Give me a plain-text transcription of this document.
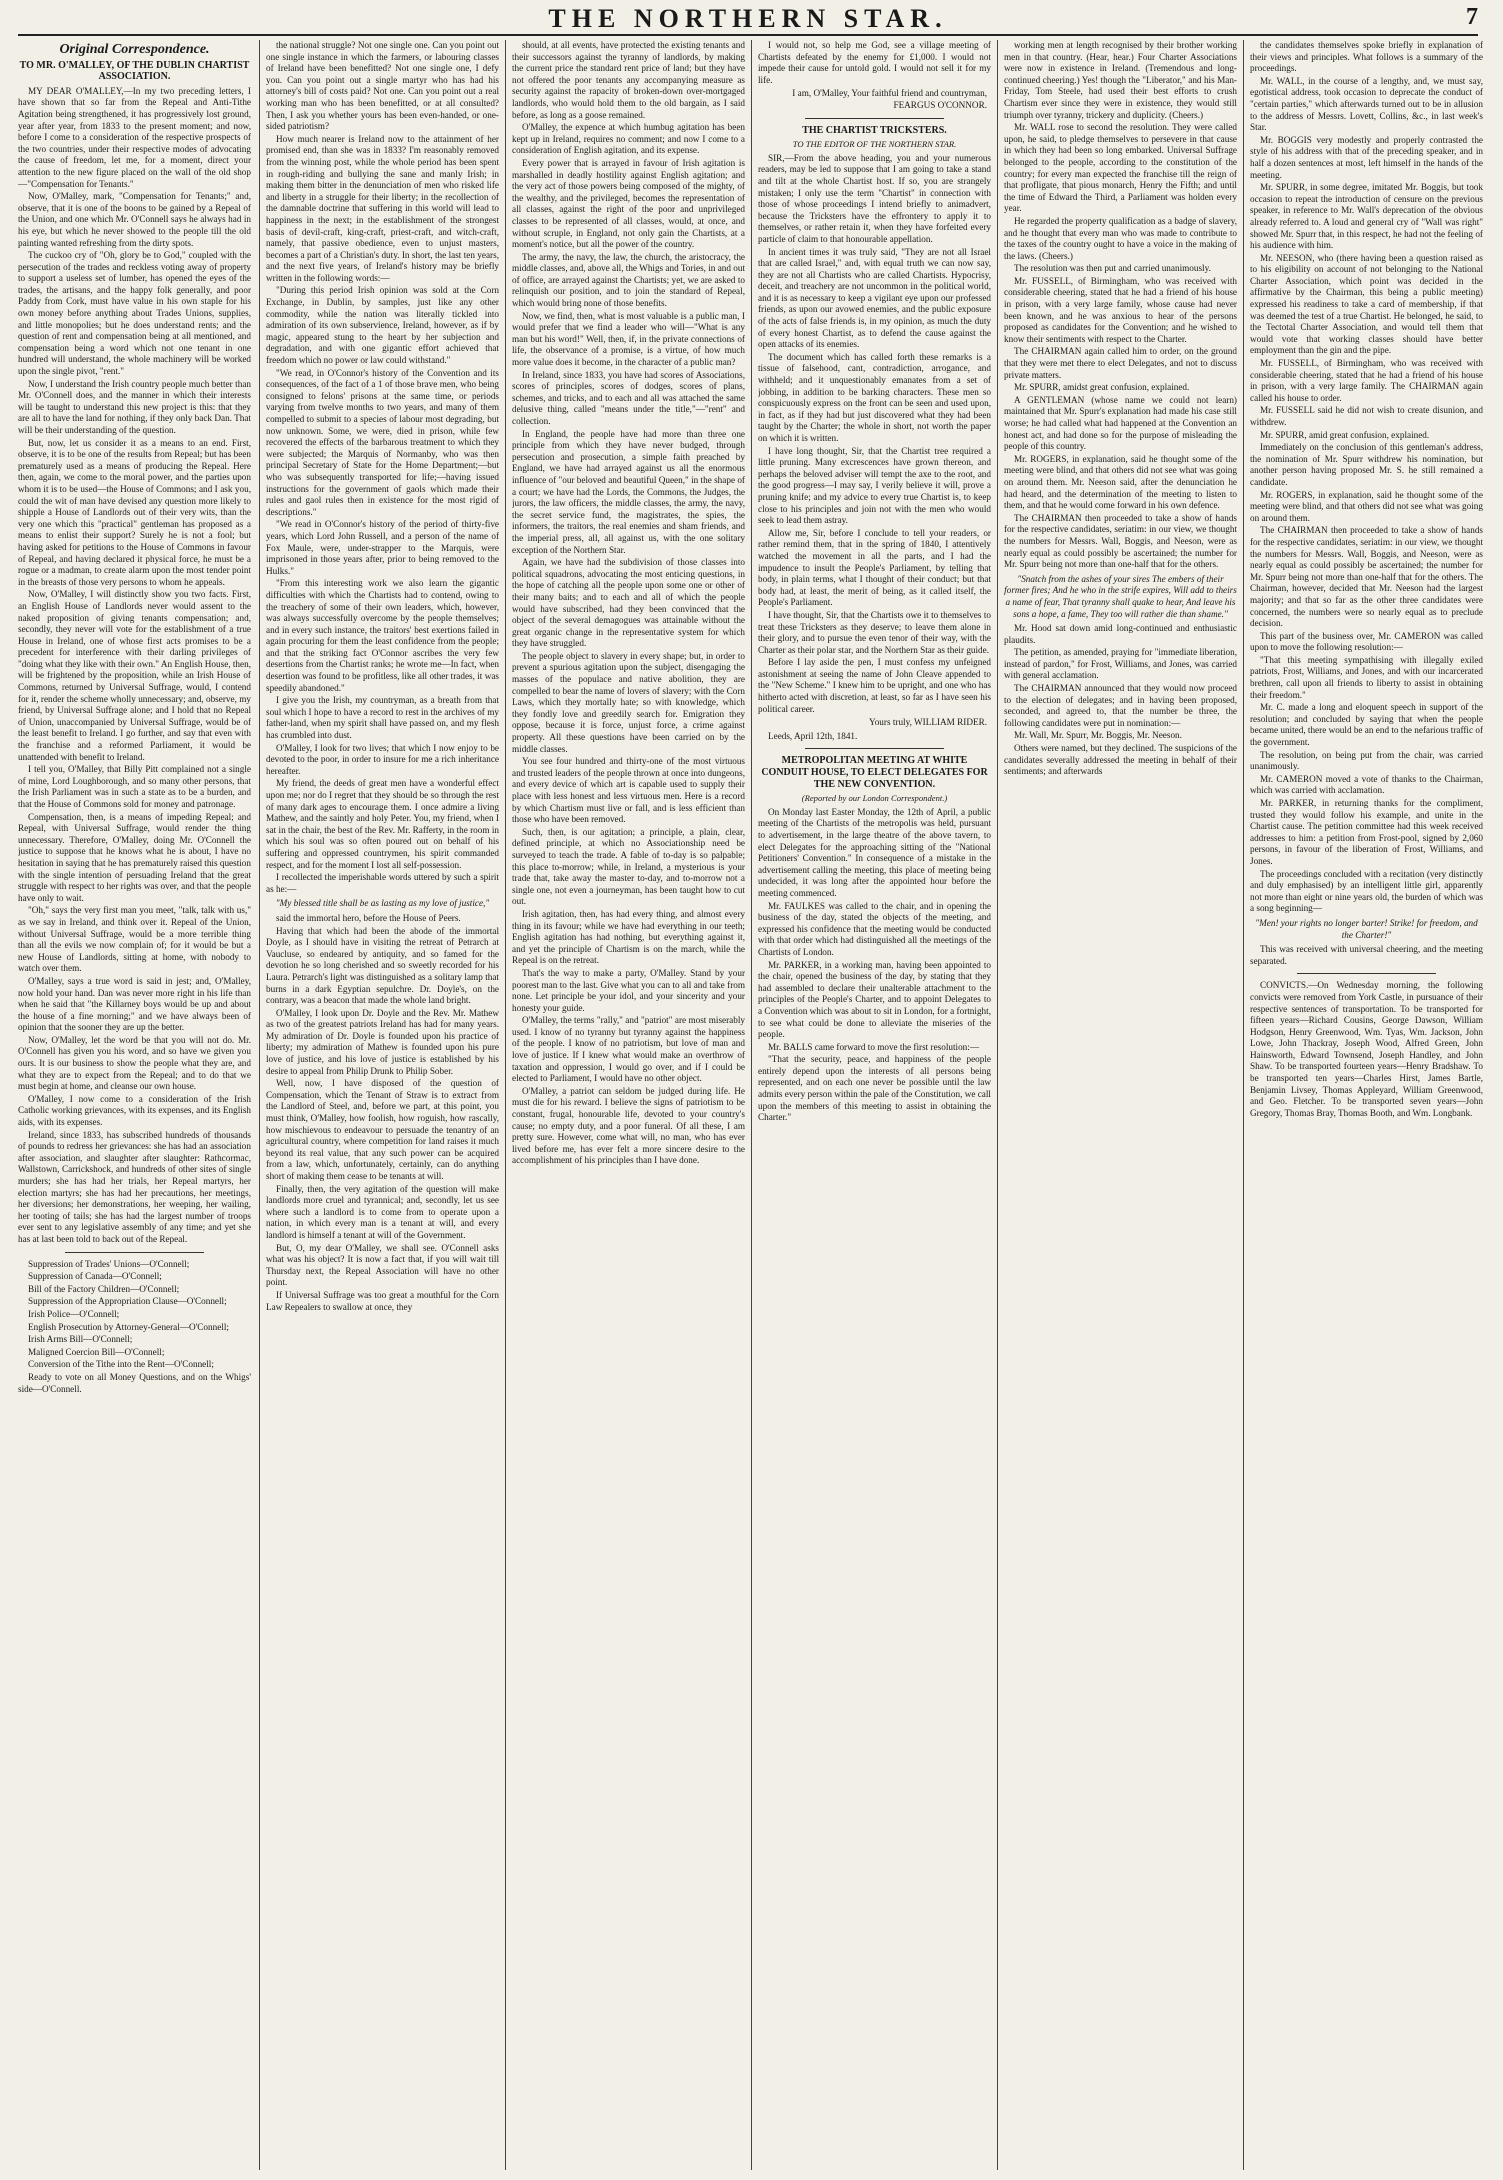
THE NORTHERN STAR.	7

Original Correspondence.

TO MR. O'MALLEY, OF THE DUBLIN CHARTIST ASSOCIATION.

MY DEAR O'MALLEY,—In my two preceding letters, I have shown that so far from the Repeal and Anti-Tithe Agitation being strengthened, it has progressively lost ground, year after year, from 1833 to the present moment; and now, before I come to a consideration of the respective prospects of the two countries, under their respective modes of advocating the cause of freedom, let me, for a moment, direct your attention to the new figure placed on the wall of the old shop—"Compensation for Tenants."

Now, O'Malley, mark, "Compensation for Tenants;" and, observe, that it is one of the boons to be gained by a Repeal of the Union, and one which Mr. O'Connell says he always had in his eye, but which he never showed to the people till the old painting wanted refreshing from the dirty spots.

The cuckoo cry of "Oh, glory be to God," coupled with the persecution of the trades and reckless voting away of property to support a useless set of lumber, has opened the eyes of the trades, the artisans, and the happy folk generally, and poor Paddy from Cork, must have value in his own staple for his own money before anything about Trades Unions, supplies, and little monopolies; but he does understand rents; and the question of rent and compensation being at all mentioned, and compensation being a word which not one tenant in one hundred will understand, the whole machinery will be worked upon the single pivot, "rent."

Now, I understand the Irish country people much better than Mr. O'Connell does, and the manner in which their interests will be taught to understand this new project is this: that they are all to have the land for nothing, if they only back Dan. That will be their understanding of the question.

But, now, let us consider it as a means to an end. First, observe, it is to be one of the results from Repeal; but has been prematurely used as a means of producing the Repeal. Here then, again, we come to the moral power, and the parties upon whom it is to be used—the House of Commons; and I ask you, could the wit of man have devised any question more likely to shipple a House of Landlords out of their very wits, than the very one which this "practical" gentleman has proposed as a means to enlist their support? Surely he is not a fool; but having asked for petitions to the House of Commons in favour of Repeal, and having declared it physical force, he must be a rogue or a madman, to create alarm upon the most tender point in the breasts of those very persons to whom he appeals.

Now, O'Malley, I will distinctly show you two facts. First, an English House of Landlords never would assent to the naked proposition of giving tenants compensation; and, secondly, they never will vote for the establishment of a true House in Ireland, one of whose first acts promises to be a precedent for interference with their darling privileges of "doing what they like with their own." An English House, then, will be frightened by the proposition, while an Irish House of Commons, returned by Universal Suffrage, would, I contend for it, render the scheme wholly unnecessary; and, observe, my friend, by Universal Suffrage alone; and I hold that no Repeal of Union, unaccompanied by Universal Suffrage, would be of the least benefit to Ireland. I go further, and say that even with the franchise and a reformed Parliament, it would be unattended with benefit to Ireland.

I tell you, O'Malley, that Billy Pitt complained not a single of mine, Lord Loughborough, and so many other persons, that the Irish Parliament was in such a state as to be a burden, and that the House of Commons sold for money and patronage.

Compensation, then, is a means of impeding Repeal; and Repeal, with Universal Suffrage, would render the thing unnecessary. Therefore, O'Malley, doing Mr. O'Connell the justice to suppose that he knows what he is about, I have no hesitation in saying that he has prematurely raised this question with the single intention of persuading Ireland that the great struggle with respect to her rights was over, and that the people have only to wait.

"Oh," says the very first man you meet, "talk, talk with us," as we say in Ireland, and think over it. Repeal of the Union, without Universal Suffrage, would be a more terrible thing than all the evils we now complain of; for it would be but a new House of Landlords, sitting at home, with nobody to watch over them.

O'Malley, says a true word is said in jest; and, O'Malley, now hold your hand. Dan was never more right in his life than when he said that "the Killarney boys would be up and about the house of a fine morning;" and we have always been of opinion that the sooner they are up the better.

Now, O'Malley, let the word be that you will not do. Mr. O'Connell has given you his word, and so have we given you ours. It is our business to show the people what they are, and what they are to expect from the Repeal; and to do that we must begin at home, and cleanse our own house.

O'Malley, I now come to a consideration of the Irish Catholic working grievances, with its expenses, and its English aids, with its expenses.

Ireland, since 1833, has subscribed hundreds of thousands of pounds to redress her grievances: she has had an association after association, and slaughter after slaughter: Rathcormac, Wallstown, Carrickshock, and hundreds of other sites of single murders; she has had her trials, her Repeal martyrs, her election martyrs; she has had her precautions, her meetings, her diversions; her demonstrations, her weeping, her wailing, her tooting of tails; she has had the largest number of troops ever sent to any legislative assembly of any time; and yet she has at last been told to back out of the Repeal.

Suppression of Trades' Unions—O'Connell;

Suppression of Canada—O'Connell;

Bill of the Factory Children—O'Connell;

Suppression of the Appropriation Clause—O'Connell;

Irish Police—O'Connell;

English Prosecution by Attorney-General—O'Connell;

Irish Arms Bill—O'Connell;

Maligned Coercion Bill—O'Connell;

Conversion of the Tithe into the Rent—O'Connell;

Ready to vote on all Money Questions, and on the Whigs' side—O'Connell.

the national struggle? Not one single one. Can you point out one single instance in which the farmers, or labouring classes of Ireland have been benefitted? Not one single one, I defy you. Can you point out a single martyr who has had his attorney's bill of costs paid? Not one. Can you point out a real working man who has been benefitted, or at all consulted? Then, I ask you whether yours has been even-handed, or one-sided patriotism?

How much nearer is Ireland now to the attainment of her promised end, than she was in 1833? I'm reasonably removed from the winning post, while the whole period has been spent in rough-riding and bullying the sane and manly Irish; in making them bitter in the denunciation of men who risked life and liberty in a struggle for their liberty; in the recollection of the damnable doctrine that suffering in this world will lead to happiness in the next; in the establishment of the strongest basis of devil-craft, king-craft, priest-craft, and witch-craft, namely, that passive obedience, even to unjust masters, becomes a part of a Christian's duty. In short, the last ten years, and the next five years, of Ireland's history may be briefly written in the following words:—

"During this period Irish opinion was sold at the Corn Exchange, in Dublin, by samples, just like any other commodity, while the nation was literally tickled into admiration of its own subservience, Ireland, however, as if by magic, appeared stung to the heart by her subjection and degradation, and with one gigantic effort achieved that freedom which no power or law could withstand."

"We read, in O'Connor's history of the Convention and its consequences, of the fact of a 1 of those brave men, who being consigned to felons' prisons at the same time, or periods varying from twelve months to two years, and many of them compelled to submit to a species of labour most degrading, but now unknown. Some, we were, died in prison, while few recovered the effects of the barbarous treatment to which they were subjected; the Marquis of Normanby, who was then principal Secretary of State for the Home Department;—but who was subsequently transported for life;—having issued instructions for the government of gaols which made their rules and gaol rules then in existence for the most rigid of descriptions."

"We read in O'Connor's history of the period of thirty-five years, which Lord John Russell, and a person of the name of Fox Maule, were, under-strapper to the Marquis, were imprisoned in those years after, prior to being removed to the Hulks."

"From this interesting work we also learn the gigantic difficulties with which the Chartists had to contend, owing to the treachery of some of their own leaders, which, however, was always successfully overcome by the people themselves; and in every such instance, the traitors' best exertions failed in again procuring for them the least confidence from the people; and that the striking fact O'Connor ascribes the very few desertions from the Chartist ranks; he wrote me—In fact, when desertion was found to be profitless, like all other trades, it was speedily abandoned."

I give you the Irish, my countryman, as a breath from that soul which I hope to have a record to rest in the archives of my father-land, when my spirit shall have passed on, and my flesh has crumbled into dust.

O'Malley, I look for two lives; that which I now enjoy to be devoted to the poor, in order to insure for me a rich inheritance hereafter.

My friend, the deeds of great men have a wonderful effect upon me; nor do I regret that they should be so through the rest of many dark ages to encourage them. I once admire a living Mathew, and the saintly and holy Peter. You, my friend, when I sat in the chair, the best of the Rev. Mr. Rafferty, in the room in which his soul was so often poured out on behalf of his suffering and oppressed countrymen, his spirit commanded respect, and for the moment I lost all self-possession.

I recollected the imperishable words uttered by such a spirit as he:—

"My blessed title shall be as lasting as my love of justice,"

said the immortal hero, before the House of Peers.

Having that which had been the abode of the immortal Doyle, as I should have in visiting the retreat of Petrarch at Vaucluse, so endeared by antiquity, and so famed for the devotion he so long cherished and so sweetly recorded for his Laura. Petrarch's light was distinguished as a solitary lamp that burns in a dark Egyptian sepulchre. Dr. Doyle's, on the contrary, was a beacon that made the whole land bright.

O'Malley, I look upon Dr. Doyle and the Rev. Mr. Mathew as two of the greatest patriots Ireland has had for many years. My admiration of Dr. Doyle is founded upon his practice of liberty; my admiration of Mathew is founded upon his pure love of justice, and his love of justice is established by his desire to appeal from Philip Drunk to Philip Sober.

Well, now, I have disposed of the question of Compensation, which the Tenant of Straw is to extract from the Landlord of Steel, and, before we part, at this point, you must think, O'Malley, how foolish, how roguish, how rascally, how mischievous to endeavour to persuade the tenantry of an agricultural country, where competition for land raises it much beyond its real value, that any such power can be acquired from a law, which, unfortunately, certainly, can do anything short of making them cease to be tenants at will.

Finally, then, the very agitation of the question will make landlords more cruel and tyrannical; and, secondly, let us see where such a landlord is to come from to operate upon a nation, in which every man is a tenant at will, and every landlord is himself a tenant at will of the Government.

But, O, my dear O'Malley, we shall see. O'Connell asks what was his object? It is now a fact that, if you will wait till Thursday next, the Repeal Association will have no other point.

If Universal Suffrage was too great a mouthful for the Corn Law Repealers to swallow at once, they

should, at all events, have protected the existing tenants and their successors against the tyranny of landlords, by making the current price the standard rent price of land; but they have not offered the poor tenants any accompanying measure as security against the rapacity of broken-down over-mortgaged landlords, who would hold them to the old bargain, as I said before, as long as a goose remained.

O'Malley, the expence at which humbug agitation has been kept up in Ireland, requires no comment; and now I come to a consideration of English agitation, and its expense.

Every power that is arrayed in favour of Irish agitation is marshalled in deadly hostility against English agitation; and the very act of those powers being composed of the mighty, of the wealthy, and the privileged, becomes the representation of all classes, against the right of the poor and unprivileged classes to be represented of all classes, would, at once, and without scruple, in England, not only gain the Chartists, at a moment's notice, but all the power of the country.

The army, the navy, the law, the church, the aristocracy, the middle classes, and, above all, the Whigs and Tories, in and out of office, are arrayed against the Chartists; yet, we are asked to relinquish our position, and to join the standard of Repeal, which would bring none of those benefits.

Now, we find, then, what is most valuable is a public man, I would prefer that we find a leader who will—"What is any man but his word!" Well, then, if, in the private connections of life, the observance of a promise, is a virtue, of how much more value does it become, in the character of a public man?

In Ireland, since 1833, you have had scores of Associations, scores of principles, scores of dodges, scores of plans, schemes, and tricks, and to each and all was attached the same delusive thing, called "means under the title,"—"rent" and collection.

In England, the people have had more than three one principle from which they have never budged, through persecution and prosecution, a simple faith preached by England, we have had arrayed against us all the enormous influence of "our beloved and beautiful Queen," in the shape of a court; we have had the Lords, the Commons, the Judges, the jurors, the law officers, the middle classes, the army, the navy, the secret service fund, the magistrates, the spies, the informers, the traitors, the real enemies and sham friends, and the imperial press, all, all against us, with the one solitary exception of the Northern Star.

Again, we have had the subdivision of those classes into political squadrons, advocating the most enticing questions, in the hope of catching all the people upon some one or other of their many baits; and to each and all of which the people would have subscribed, had they been convinced that the object of the several demagogues was attainable without the great organic change in the representative system for which they have struggled.

The people object to slavery in every shape; but, in order to prevent a spurious agitation upon the subject, disengaging the masses of the populace and native abolition, they are compelled to bear the name of lovers of slavery; with the Corn Laws, which they mortally hate; so with knowledge, which they fondly love and greedily search for. Emigration they oppose, because it is force, unjust force, a crime against property. All these questions have been carried on by the middle classes.

You see four hundred and thirty-one of the most virtuous and trusted leaders of the people thrown at once into dungeons, and every device of which art is capable used to supply their place with less honest and less virtuous men. Here is a record by which Chartism must live or fall, and is less efficient than those who have been removed.

Such, then, is our agitation; a principle, a plain, clear, defined principle, at which no Associationship need be surveyed to teach the trade. A fable of to-day is so palpable; this place to-morrow; while, in Ireland, a mysterious is your trade that, take away the master to-day, and to-morrow not a single one, not even a journeyman, has been taught how to cut out.

Irish agitation, then, has had every thing, and almost every thing in its favour; while we have had everything in our teeth; English agitation has had nothing, but everything against it, and yet the principle of Chartism is on the march, while the Repeal is on the retreat.

That's the way to make a party, O'Malley. Stand by your poorest man to the last. Give what you can to all and take from none. Let principle be your idol, and your sincerity and your honesty your guide.

O'Malley, the terms "rally," and "patriot" are most miserably used. I know of no tyranny but tyranny against the happiness of the people. I know of no patriotism, but love of man and love of justice. If I knew what would make an overthrow of taxation and oppression, I would go over, and if I could be elected to Parliament, I would have no other object.

O'Malley, a patriot can seldom be judged during life. He must die for his reward. I believe the signs of patriotism to be constant, frugal, honourable life, devoted to your country's cause; no empty duty, and a poor funeral. Of all these, I am pretty sure. However, come what will, no man, who has ever lived before me, has ever felt a more sincere desire to the accomplishment of his principles than I have done.

I would not, so help me God, see a village meeting of Chartists defeated by the enemy for £1,000. I would not impede their cause for untold gold. I would not sell it for my life.

I am, O'Malley, Your faithful friend and countryman, FEARGUS O'CONNOR.

THE CHARTIST TRICKSTERS.

TO THE EDITOR OF THE NORTHERN STAR.

SIR,—From the above heading, you and your numerous readers, may be led to suppose that I am going to take a stand and tilt at the whole Chartist host. If so, you are strangely mistaken; I only use the term "Chartist" in connection with those of whose proceedings I intend briefly to animadvert, because the Tricksters have the effrontery to apply it to themselves, or rather retain it, when they have forfeited every particle of claim to that honourable appellation.

In ancient times it was truly said, "They are not all Israel that are called Israel," and, with equal truth we can now say, they are not all Chartists who are called Chartists. Hypocrisy, deceit, and treachery are not uncommon in the political world, and it is as necessary to keep a vigilant eye upon our professed friends, as upon our avowed enemies, and the public exposure of the acts of false friends is, in my opinion, as much the duty of every honest Chartist, as to defend the cause against the open attacks of its enemies.

The document which has called forth these remarks is a tissue of falsehood, cant, contradiction, arrogance, and withheld; and it unquestionably emanates from a set of jobbing, in addition to be barking characters. These men so conspicuously express on the front can be seen and used upon, in fact, as if they had but just discovered what they had been taught by the Charter; the whole in short, not worth the paper on which it is written.

I have long thought, Sir, that the Chartist tree required a little pruning. Many excrescences have grown thereon, and perhaps the beloved adviser will tempt the axe to the root, and the good progress—I may say, I verily believe it will, prove a pruning knife; and my advice to every true Chartist is, to keep close to his principles and join not with the men who would seek to lead them astray.

Allow me, Sir, before I conclude to tell your readers, or rather remind them, that in the spring of 1840, I attentively watched the movement in all the parts, and I had the impudence to insult the People's Parliament, by telling that body, in plain terms, what I thought of their conduct; but that body had, at least, the merit of being, as it called itself, the People's Parliament.

I have thought, Sir, that the Chartists owe it to themselves to treat these Tricksters as they deserve; to leave them alone in their glory, and to pursue the even tenor of their way, with the Charter as their polar star, and the Northern Star as their guide.

Before I lay aside the pen, I must confess my unfeigned astonishment at seeing the name of John Cleave appended to the "New Scheme." I knew him to be upright, and one who has hitherto acted with discretion, at least, so far as I have seen his political career.

Yours truly, WILLIAM RIDER.

Leeds, April 12th, 1841.

METROPOLITAN MEETING AT WHITE CONDUIT HOUSE, TO ELECT DELEGATES FOR THE NEW CONVENTION.

(Reported by our London Correspondent.)

On Monday last Easter Monday, the 12th of April, a public meeting of the Chartists of the metropolis was held, pursuant to advertisement, in the large theatre of the above tavern, to elect Delegates for the approaching sitting of the "National Petitioners' Convention." In consequence of a mistake in the advertisement calling the meeting, this place of meeting being undecided, it was long after the appointed hour before the meeting commenced.

Mr. FAULKES was called to the chair, and in opening the business of the day, stated the objects of the meeting, and expressed his confidence that the meeting would be conducted with that order which had distinguished all the meetings of the Chartists of London.

Mr. PARKER, in a working man, having been appointed to the chair, opened the business of the day, by stating that they had assembled to declare their unalterable attachment to the principles of the People's Charter, and to appoint Delegates to a Convention which was about to sit in London, for a fortnight, to see what could be done to alleviate the miseries of the people.

Mr. BALLS came forward to move the first resolution:—

"That the security, peace, and happiness of the people entirely depend upon the interests of all persons being represented, and on each one never be possible until the law admits every person within the pale of the Constitution, we call upon the members of this meeting to assist in obtaining the Charter."

working men at length recognised by their brother working men in that country. (Hear, hear.) Four Charter Associations were now in existence in Ireland. (Tremendous and long-continued cheering.) Yes! though the "Liberator," and his Man-Friday, Tom Steele, had used their best efforts to crush Chartism ever since they were in existence, they would still triumph over tyranny, trickery and duplicity. (Cheers.)

Mr. WALL rose to second the resolution. They were called upon, he said, to pledge themselves to persevere in that cause in which they had been so long embarked. Universal Suffrage belonged to the people, according to the constitution of the country; for every man expected the franchise till the reign of that profligate, that pious monarch, Henry the Fifth; and until the time of Edward the Third, a Parliament was holden every year.

He regarded the property qualification as a badge of slavery, and he thought that every man who was made to contribute to the taxes of the country ought to have a voice in the making of the laws. (Cheers.)

The resolution was then put and carried unanimously.

Mr. FUSSELL, of Birmingham, who was received with considerable cheering, stated that he had a friend of his house in prison, with a very large family, whose cause had never been known, and he was anxious to hear of the persons proposed as candidates for the Convention; and he wished to know their sentiments with respect to the Charter.

The CHAIRMAN again called him to order, on the ground that they were met there to elect Delegates, and not to discuss private matters.

Mr. SPURR, amidst great confusion, explained.

A GENTLEMAN (whose name we could not learn) maintained that Mr. Spurr's explanation had made his case still worse; he had called what had happened at the Convention an honest act, and had done so for the purpose of misleading the people of this country.

Mr. ROGERS, in explanation, said he thought some of the meeting were blind, and that others did not see what was going on around them. Mr. Neeson said, after the denunciation he had heard, and the determination of the meeting to listen to them, and that he would come forward in his own defence.

The CHAIRMAN then proceeded to take a show of hands for the respective candidates, seriatim: in our view, we thought the numbers for Messrs. Wall, Boggis, and Neeson, were as nearly equal as could possibly be ascertained; the number for Mr. Spurr being not more than one-half that for the others.

"Snatch from the ashes of your sires The embers of their former fires; And he who in the strife expires, Will add to theirs a name of fear, That tyranny shall quake to hear, And leave his sons a hope, a fame, They too will rather die than shame."

Mr. Hood sat down amid long-continued and enthusiastic plaudits.

The petition, as amended, praying for "immediate liberation, instead of pardon," for Frost, Williams, and Jones, was carried with general acclamation.

The CHAIRMAN announced that they would now proceed to the election of delegates; and in having been proposed, seconded, and agreed to, that the number be three, the following candidates were put in nomination:—

Mr. Wall, Mr. Spurr, Mr. Boggis, Mr. Neeson.

Others were named, but they declined. The suspicions of the candidates severally addressed the meeting in behalf of their sentiments; and afterwards

the candidates themselves spoke briefly in explanation of their views and principles. What follows is a summary of the proceedings.

Mr. WALL, in the course of a lengthy, and, we must say, egotistical address, took occasion to deprecate the conduct of "certain parties," which afterwards turned out to be in allusion to the address of Messrs. Lovett, Collins, &c., in last week's Star.

Mr. BOGGIS very modestly and properly contrasted the style of his address with that of the preceding speaker, and in half a dozen sentences at most, left himself in the hands of the meeting.

Mr. SPURR, in some degree, imitated Mr. Boggis, but took occasion to repeat the introduction of censure on the previous speaker, in reference to Mr. Wall's deprecation of the obvious already referred to. A loud and general cry of "Wall was right" showed Mr. Spurr that, in this respect, he had not the feeling of his audience with him.

Mr. NEESON, who (there having been a question raised as to his eligibility on account of not belonging to the National Charter Association, which point was decided in the affirmative by the Chairman, this being a public meeting) expressed his readiness to take a card of membership, if that was deemed the test of a true Chartist. He belonged, he said, to the Tectotal Charter Association, and would tell them that would vote that working classes should have better employment than the gin and the pipe.

Mr. FUSSELL, of Birmingham, who was received with considerable cheering, stated that he had a friend of his house in prison, with a very large family. The CHAIRMAN again called his house to order.

Mr. FUSSELL said he did not wish to create disunion, and withdrew.

Mr. SPURR, amid great confusion, explained.

Immediately on the conclusion of this gentleman's address, the nomination of Mr. Spurr withdrew his nomination, but another person having proposed Mr. S. he still remained a candidate.

Mr. ROGERS, in explanation, said he thought some of the meeting were blind, and that others did not see what was going on around them.

The CHAIRMAN then proceeded to take a show of hands for the respective candidates, seriatim: in our view, we thought the numbers for Messrs. Wall, Boggis, and Neeson, were as nearly equal as could possibly be ascertained; the number for Mr. Spurr being not more than one-half that for the others. The Chairman, however, decided that Mr. Neeson had the largest majority; and that so far as the other three candidates were concerned, the numbers were so nearly equal as to preclude decision.

This part of the business over, Mr. CAMERON was called upon to move the following resolution:—

"That this meeting sympathising with illegally exiled patriots, Frost, Williams, and Jones, and with our incarcerated brethren, call upon all friends to liberty to assist in obtaining their freedom."

Mr. C. made a long and eloquent speech in support of the resolution; and concluded by saying that when the people became united, there would be an end to the nefarious traffic of the government.

The resolution, on being put from the chair, was carried unanimously.

Mr. CAMERON moved a vote of thanks to the Chairman, which was carried with acclamation.

Mr. PARKER, in returning thanks for the compliment, trusted they would follow his example, and unite in the Chartist cause. The petition committee had this week received addresses to him: a petition from Frost-pool, signed by 2,060 persons, in favour of the liberation of Frost, Williams, and Jones.

The proceedings concluded with a recitation (very distinctly and duly emphasised) by an intelligent little girl, apparently not more than eight or nine years old, the burden of which was a song beginning—

"Men! your rights no longer barter! Strike! for freedom, and the Charter!"

This was received with universal cheering, and the meeting separated.

CONVICTS.—On Wednesday morning, the following convicts were removed from York Castle, in pursuance of their respective sentences of transportation. To be transported for fifteen years—Richard Cousins, George Dawson, William Hodgson, Henry Greenwood, Wm. Tyas, Wm. Jackson, John Lowe, John Thackray, Joseph Wood, Alfred Green, John Hainsworth, Edward Townsend, Joseph Handley, and John Shaw. To be transported fourteen years—Henry Bradshaw. To be transported ten years—Charles Hirst, James Bartle, Benjamin Livsey, Thomas Appleyard, William Greenwood, and Geo. Fletcher. To be transported seven years—John Gregory, Thomas Bray, Thomas Booth, and Wm. Longbank.
